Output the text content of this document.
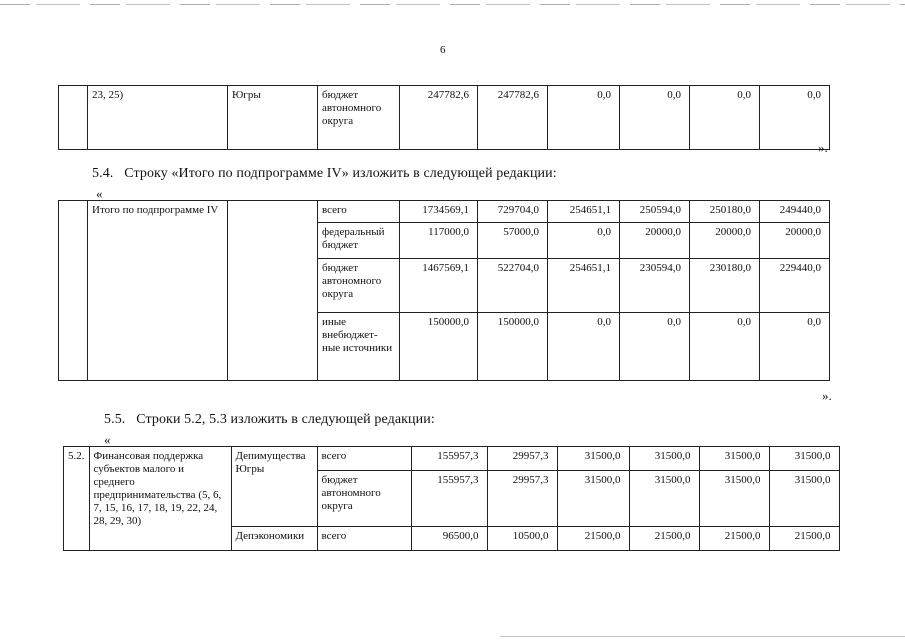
6
	23, 25)	Югры	бюджет автономного округа	247782,6	247782,6	0,0	0,0	0,0	0,0
».
5.4.   Строку «Итого по подпрограмме IV» изложить в следующей редакции:
«
	Итого по подпрограмме IV		всего	1734569,1	729704,0	254651,1	250594,0	250180,0	249440,0
			федеральный бюджет	117000,0	57000,0	0,0	20000,0	20000,0	20000,0
			бюджет автономного округа	1467569,1	522704,0	254651,1	230594,0	230180,0	229440,0
			иные внебюджет-ные источники	150000,0	150000,0	0,0	0,0	0,0	0,0
».
5.5.   Строки 5.2, 5.3 изложить в следующей редакции:
«
5.2.	Финансовая поддержка субъектов малого и среднего предпринимательства (5, 6, 7, 15, 16, 17, 18, 19, 22, 24, 28, 29, 30)	Депимущества Югры	всего	155957,3	29957,3	31500,0	31500,0	31500,0	31500,0
			бюджет автономного округа	155957,3	29957,3	31500,0	31500,0	31500,0	31500,0
		Депэкономики	всего	96500,0	10500,0	21500,0	21500,0	21500,0	21500,0
